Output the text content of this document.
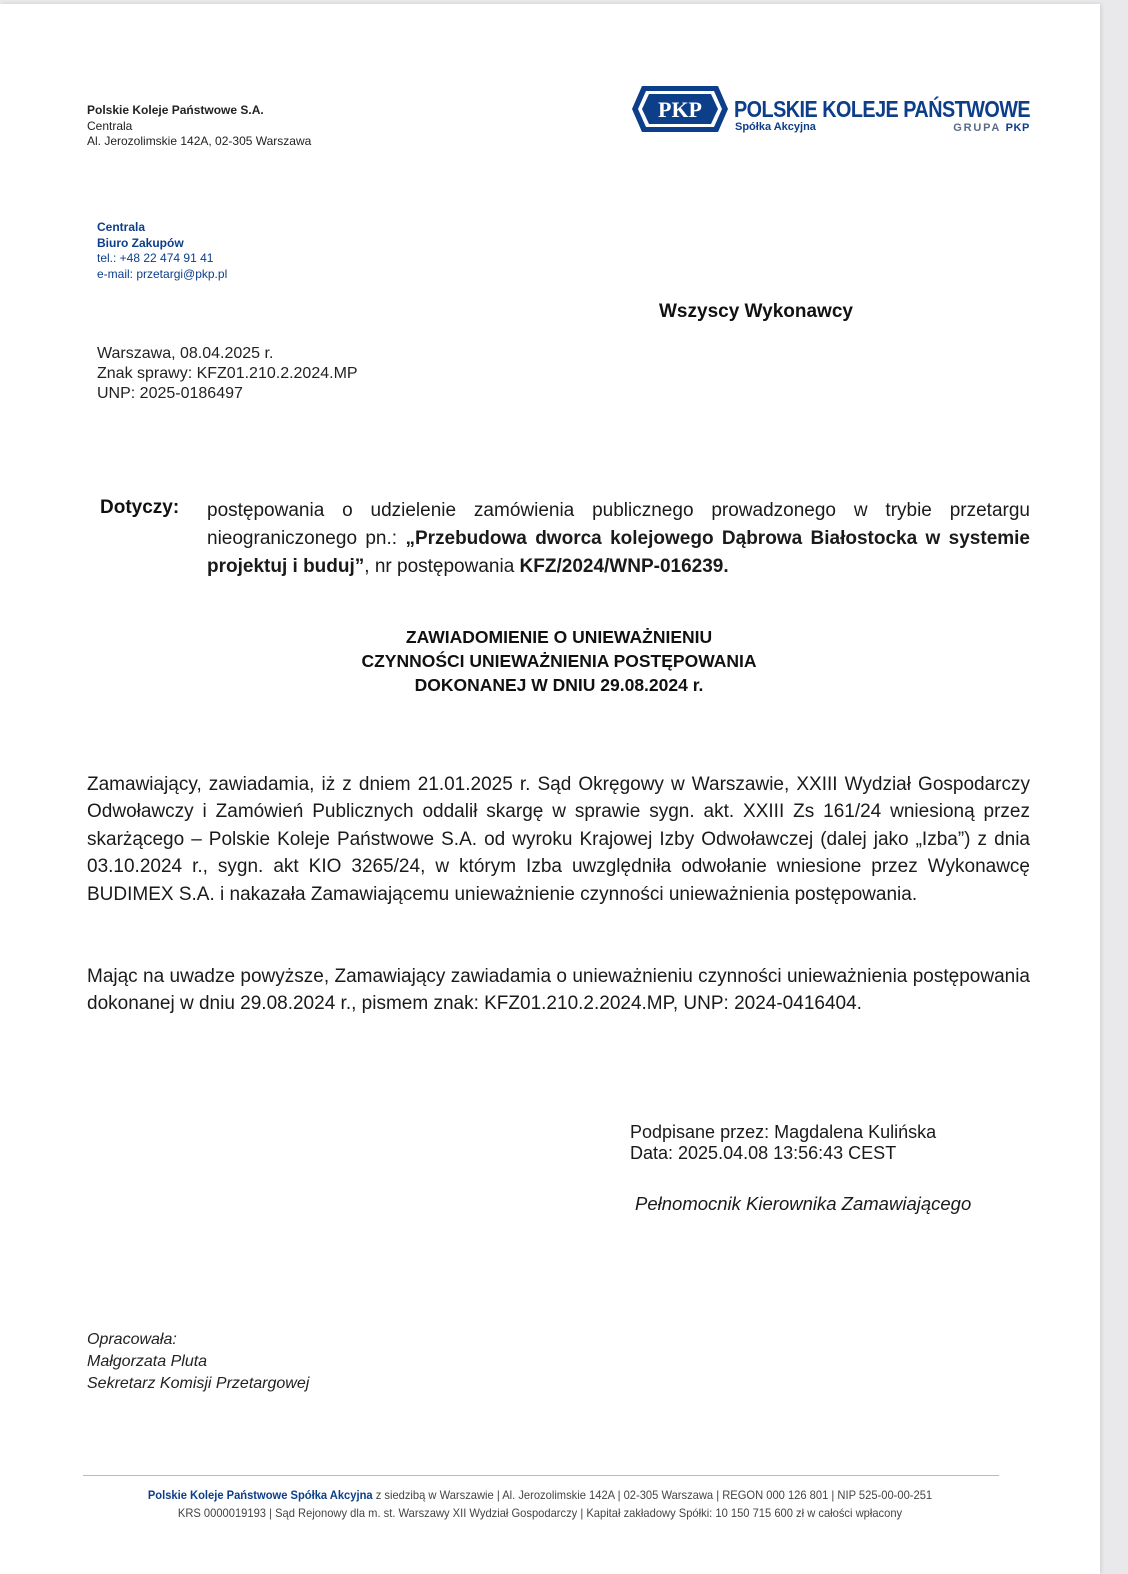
Polskie Koleje Państwowe S.A.
Centrala
Al. Jerozolimskie 142A, 02-305 Warszawa
PKP POLSKIE KOLEJE PAŃSTWOWE
Spółka Akcyjna	GRUPA PKP
Centrala
Biuro Zakupów
tel.: +48 22 474 91 41
e-mail: przetargi@pkp.pl
Wszyscy Wykonawcy
Warszawa, 08.04.2025 r.
Znak sprawy: KFZ01.210.2.2024.MP
UNP: 2025-0186497
Dotyczy: postępowania o udzielenie zamówienia publicznego prowadzonego w trybie przetargu nieograniczonego pn.: „Przebudowa dworca kolejowego Dąbrowa Białostocka w systemie projektuj i buduj”, nr postępowania KFZ/2024/WNP-016239.
ZAWIADOMIENIE O UNIEWAŻNIENIU
CZYNNOŚCI UNIEWAŻNIENIA POSTĘPOWANIA
DOKONANEJ W DNIU 29.08.2024 r.
Zamawiający, zawiadamia, iż z dniem 21.01.2025 r. Sąd Okręgowy w Warszawie, XXIII Wydział Gospodarczy Odwoławczy i Zamówień Publicznych oddalił skargę w sprawie sygn. akt. XXIII Zs 161/24 wniesioną przez skarżącego – Polskie Koleje Państwowe S.A. od wyroku Krajowej Izby Odwoławczej (dalej jako „Izba”) z dnia 03.10.2024 r., sygn. akt KIO 3265/24, w którym Izba uwzględniła odwołanie wniesione przez Wykonawcę BUDIMEX S.A. i nakazała Zamawiającemu unieważnienie czynności unieważnienia postępowania.
Mając na uwadze powyższe, Zamawiający zawiadamia o unieważnieniu czynności unieważnienia postępowania dokonanej w dniu 29.08.2024 r., pismem znak: KFZ01.210.2.2024.MP, UNP: 2024-0416404.
Podpisane przez: Magdalena Kulińska
Data: 2025.04.08 13:56:43 CEST
Pełnomocnik Kierownika Zamawiającego
Opracowała:
Małgorzata Pluta
Sekretarz Komisji Przetargowej
Polskie Koleje Państwowe Spółka Akcyjna z siedzibą w Warszawie | Al. Jerozolimskie 142A | 02-305 Warszawa | REGON 000 126 801 | NIP 525-00-00-251
KRS 0000019193 | Sąd Rejonowy dla m. st. Warszawy XII Wydział Gospodarczy | Kapitał zakładowy Spółki: 10 150 715 600 zł w całości wpłacony
